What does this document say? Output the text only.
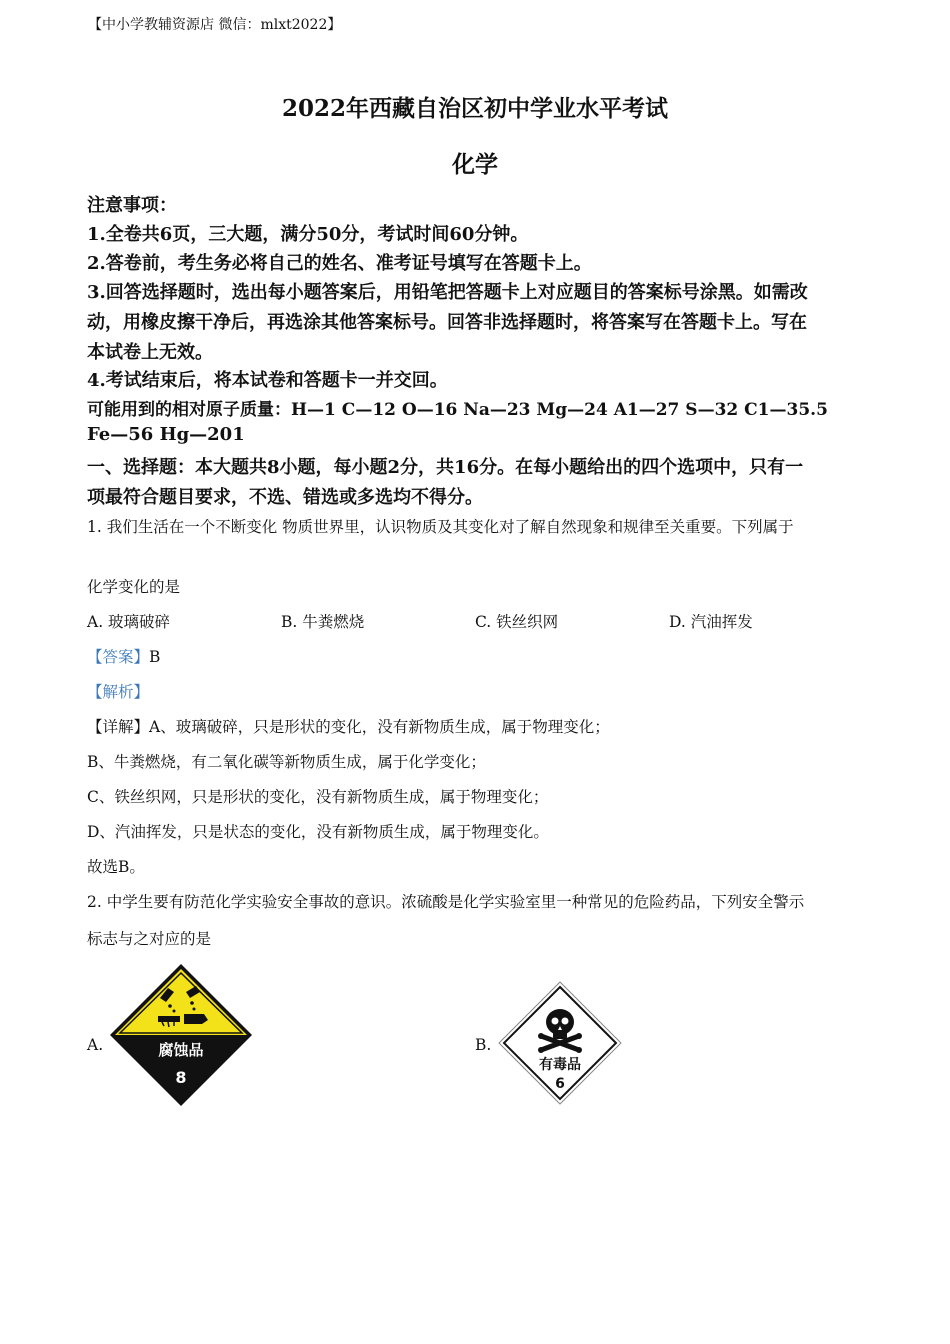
【中小学教辅资源店 微信：mlxt2022】
2022年西藏自治区初中学业水平考试
化学
注意事项：
1.全卷共6页，三大题，满分50分，考试时间60分钟。
2.答卷前，考生务必将自己的姓名、准考证号填写在答题卡上。
3.回答选择题时，选出每小题答案后，用铅笔把答题卡上对应题目的答案标号涂黑。如需改
动，用橡皮擦干净后，再选涂其他答案标号。回答非选择题时，将答案写在答题卡上。写在
本试卷上无效。
4.考试结束后，将本试卷和答题卡一并交回。
可能用到的相对原子质量：H—1 C—12 O—16 Na—23 Mg—24 A1—27 S—32 C1—35.5
Fe—56 Hg—201
一、选择题：本大题共8小题，每小题2分，共16分。在每小题给出的四个选项中，只有一
项最符合题目要求，不选、错选或多选均不得分。
1. 我们生活在一个不断变化 物质世界里，认识物质及其变化对了解自然现象和规律至关重要。下列属于
化学变化的是
A. 玻璃破碎	B. 牛粪燃烧	C. 铁丝织网	D. 汽油挥发
【答案】B
【解析】
【详解】A、玻璃破碎，只是形状的变化，没有新物质生成，属于物理变化；
B、牛粪燃烧，有二氧化碳等新物质生成，属于化学变化；
C、铁丝织网，只是形状的变化，没有新物质生成，属于物理变化；
D、汽油挥发，只是状态的变化，没有新物质生成，属于物理变化。
故选B。
2. 中学生要有防范化学实验安全事故的意识。浓硫酸是化学实验室里一种常见的危险药品，下列安全警示
标志与之对应的是
A.	B.
腐蚀品
8
有毒品
6
